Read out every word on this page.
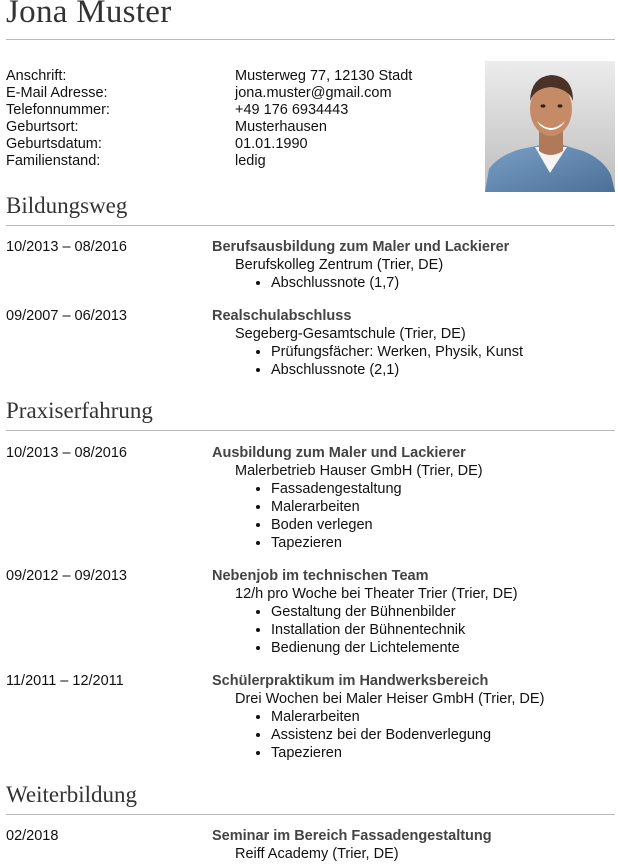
Jona Muster
Anschrift:	Musterweg 77, 12130 Stadt
E-Mail Adresse:	jona.muster@gmail.com
Telefonnummer:	+49 176 6934443
Geburtsort:	Musterhausen
Geburtsdatum:	01.01.1990
Familienstand:	ledig
Bildungsweg
10/2013 – 08/2016	Berufsausbildung zum Maler und Lackierer
Berufskolleg Zentrum (Trier, DE)
• Abschlussnote (1,7)
09/2007 – 06/2013	Realschulabschluss
Segeberg-Gesamtschule (Trier, DE)
• Prüfungsfächer: Werken, Physik, Kunst
• Abschlussnote (2,1)
Praxiserfahrung
10/2013 – 08/2016	Ausbildung zum Maler und Lackierer
Malerbetrieb Hauser GmbH (Trier, DE)
• Fassadengestaltung
• Malerarbeiten
• Boden verlegen
• Tapezieren
09/2012 – 09/2013	Nebenjob im technischen Team
12/h pro Woche bei Theater Trier (Trier, DE)
• Gestaltung der Bühnenbilder
• Installation der Bühnentechnik
• Bedienung der Lichtelemente
11/2011 – 12/2011	Schülerpraktikum im Handwerksbereich
Drei Wochen bei Maler Heiser GmbH (Trier, DE)
• Malerarbeiten
• Assistenz bei der Bodenverlegung
• Tapezieren
Weiterbildung
02/2018	Seminar im Bereich Fassadengestaltung
Reiff Academy (Trier, DE)
